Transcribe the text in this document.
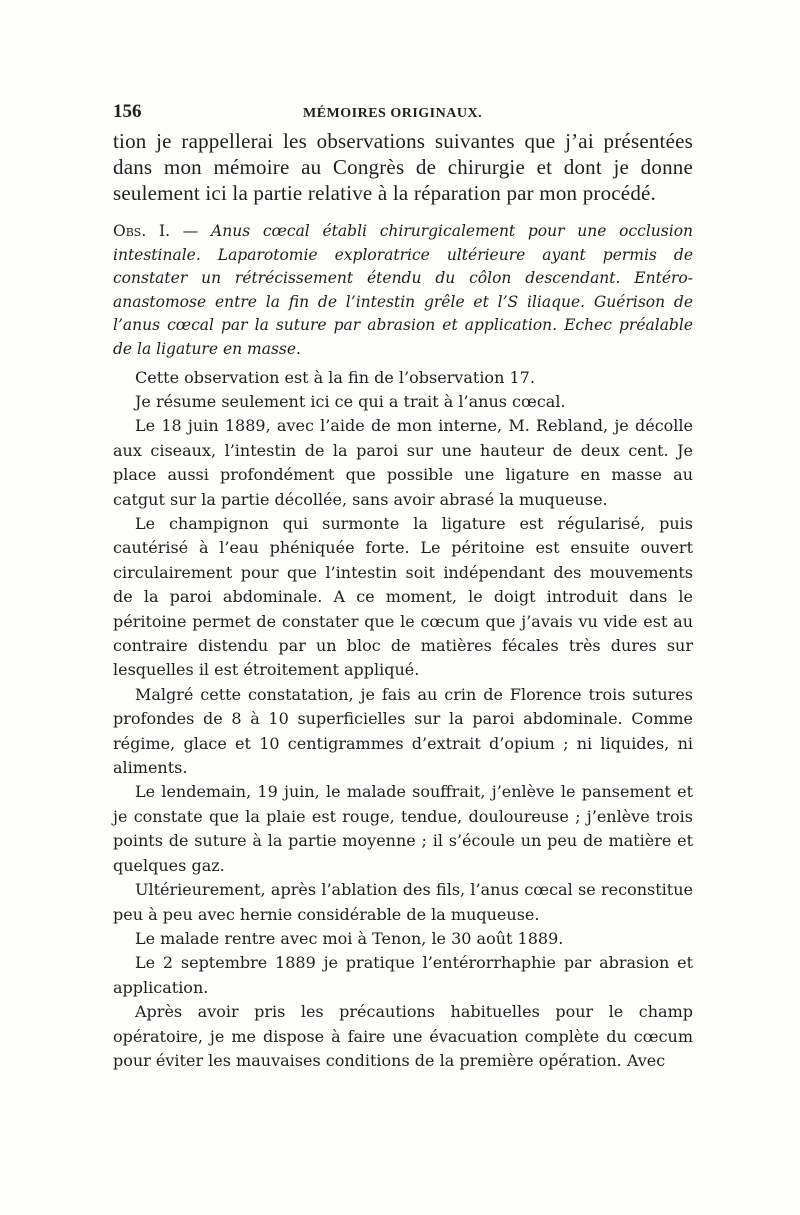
156	MÉMOIRES ORIGINAUX.

tion je rappellerai les observations suivantes que j’ai présentées dans mon mémoire au Congrès de chirurgie et dont je donne seulement ici la partie relative à la réparation par mon procédé.

Obs. I. — Anus cœcal établi chirurgicalement pour une occlusion intestinale. Laparotomie exploratrice ultérieure ayant permis de constater un rétrécissement étendu du côlon descendant. Entéro-anastomose entre la fin de l’intestin grêle et l’S iliaque. Guérison de l’anus cœcal par la suture par abrasion et application. Echec préalable de la ligature en masse.

Cette observation est à la fin de l’observation 17.

Je résume seulement ici ce qui a trait à l’anus cœcal.

Le 18 juin 1889, avec l’aide de mon interne, M. Rebland, je décolle aux ciseaux, l’intestin de la paroi sur une hauteur de deux cent. Je place aussi profondément que possible une ligature en masse au catgut sur la partie décollée, sans avoir abrasé la muqueuse.

Le champignon qui surmonte la ligature est régularisé, puis cautérisé à l’eau phéniquée forte. Le péritoine est ensuite ouvert circulairement pour que l’intestin soit indépendant des mouvements de la paroi abdominale. A ce moment, le doigt introduit dans le péritoine permet de constater que le cœcum que j’avais vu vide est au contraire distendu par un bloc de matières fécales très dures sur lesquelles il est étroitement appliqué.

Malgré cette constatation, je fais au crin de Florence trois sutures profondes de 8 à 10 superficielles sur la paroi abdominale. Comme régime, glace et 10 centigrammes d’extrait d’opium ; ni liquides, ni aliments.

Le lendemain, 19 juin, le malade souffrait, j’enlève le pansement et je constate que la plaie est rouge, tendue, douloureuse ; j’enlève trois points de suture à la partie moyenne ; il s’écoule un peu de matière et quelques gaz.

Ultérieurement, après l’ablation des fils, l’anus cœcal se reconstitue peu à peu avec hernie considérable de la muqueuse.

Le malade rentre avec moi à Tenon, le 30 août 1889.

Le 2 septembre 1889 je pratique l’entérorrhaphie par abrasion et application.

Après avoir pris les précautions habituelles pour le champ opératoire, je me dispose à faire une évacuation complète du cœcum pour éviter les mauvaises conditions de la première opération. Avec
